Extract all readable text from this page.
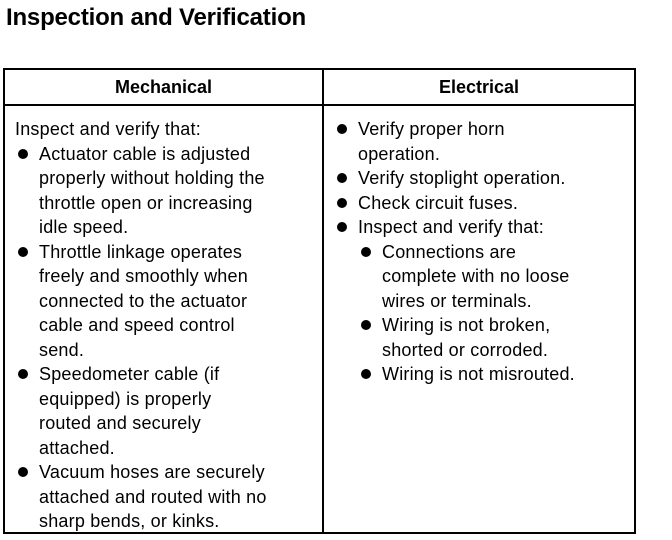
Inspection and Verification
Mechanical	Electrical
Inspect and verify that:
Actuator cable is adjusted
properly without holding the
throttle open or increasing
idle speed.
Throttle linkage operates
freely and smoothly when
connected to the actuator
cable and speed control
send.
Speedometer cable (if
equipped) is properly
routed and securely
attached.
Vacuum hoses are securely
attached and routed with no
sharp bends, or kinks.
Verify proper horn
operation.
Verify stoplight operation.
Check circuit fuses.
Inspect and verify that:
Connections are
complete with no loose
wires or terminals.
Wiring is not broken,
shorted or corroded.
Wiring is not misrouted.
